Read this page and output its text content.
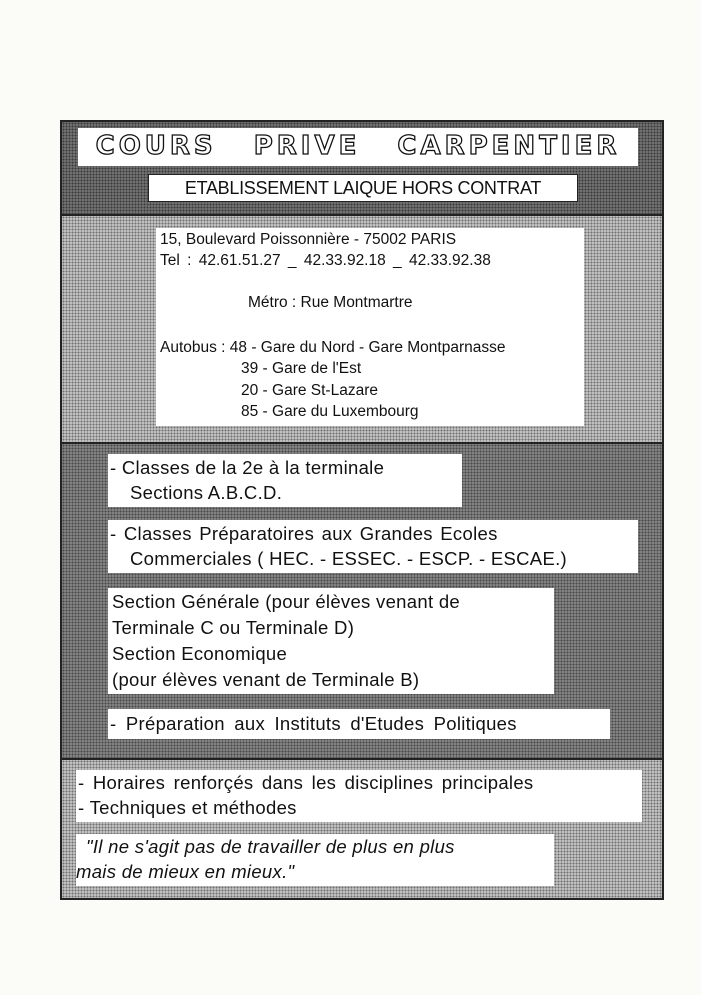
COURS PRIVE CARPENTIER
ETABLISSEMENT LAIQUE HORS CONTRAT
15, Boulevard Poissonnière - 75002 PARIS
Tel : 42.61.51.27 _ 42.33.92.18 _ 42.33.92.38
Métro : Rue Montmartre
Autobus : 48 - Gare du Nord - Gare Montparnasse
39 - Gare de l'Est
20 - Gare St-Lazare
85 - Gare du Luxembourg
- Classes de la 2e à la terminale
Sections A.B.C.D.
- Classes Préparatoires aux Grandes Ecoles
Commerciales ( HEC. - ESSEC. - ESCP. - ESCAE.)
Section Générale (pour élèves venant de
Terminale C ou Terminale D)
Section Economique
(pour élèves venant de Terminale B)
- Préparation aux Instituts d'Etudes Politiques
- Horaires renforçés dans les disciplines principales
- Techniques et méthodes
"Il ne s'agit pas de travailler de plus en plus
mais de mieux en mieux."
